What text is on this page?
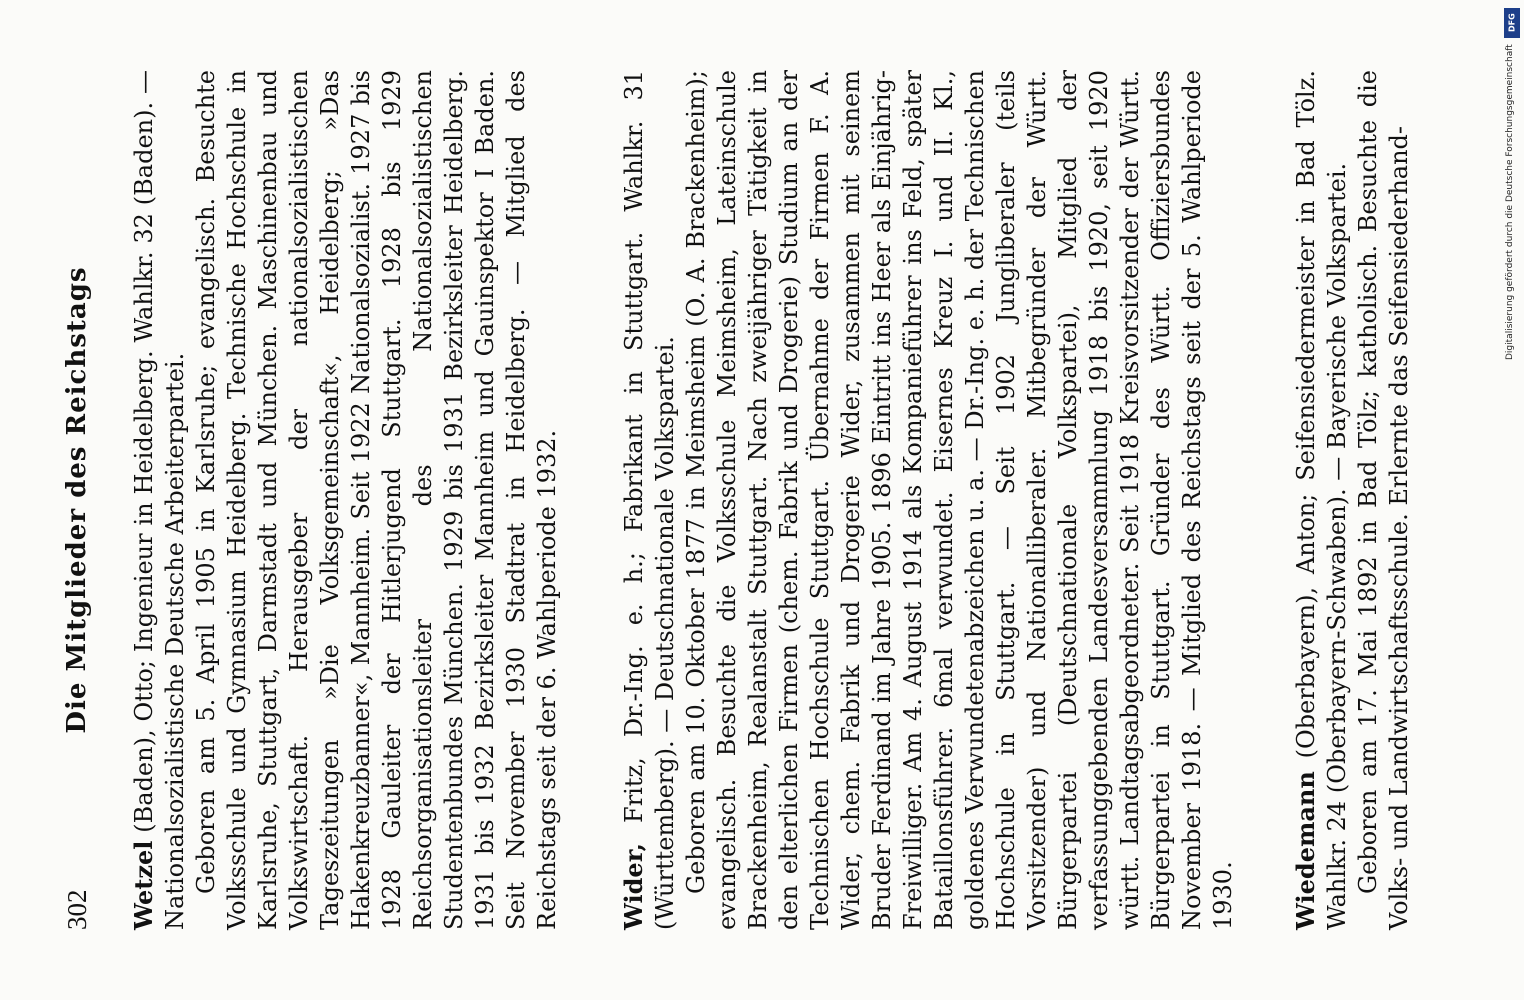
302
Die Mitglieder des Reichstags

Wetzel (Baden), Otto; Ingenieur in Heidelberg. Wahlkr. 32 (Baden). — Nationalsozialistische Deutsche Arbeiterpartei. Geboren am 5. April 1905 in Karlsruhe; evangelisch. Besuchte Volksschule und Gymnasium Heidelberg. Technische Hochschule in Karlsruhe, Stuttgart, Darmstadt und München. Maschinenbau und Volkswirtschaft. Herausgeber der nationalsozialistischen Tageszeitungen »Die Volksgemeinschaft«, Heidelberg; »Das Hakenkreuzbanner«, Mannheim. Seit 1922 Nationalsozialist. 1927 bis 1928 Gauleiter der Hitlerjugend Stuttgart. 1928 bis 1929 Reichsorganisationsleiter des Nationalsozialistischen Studentenbundes München. 1929 bis 1931 Bezirksleiter Heidelberg. 1931 bis 1932 Bezirksleiter Mannheim und Gauinspektor I Baden. Seit November 1930 Stadtrat in Heidelberg. — Mitglied des Reichstags seit der 6. Wahlperiode 1932. Wider, Fritz, Dr.-Ing. e. h.; Fabrikant in Stuttgart. Wahlkr. 31 (Württemberg). — Deutschnationale Volkspartei. Geboren am 10. Oktober 1877 in Meimsheim (O. A. Brackenheim); evangelisch. Besuchte die Volksschule Meimsheim, Lateinschule Brackenheim, Realanstalt Stuttgart. Nach zweijähriger Tätigkeit in den elterlichen Firmen (chem. Fabrik und Drogerie) Studium an der Technischen Hochschule Stuttgart. Übernahme der Firmen F. A. Wider, chem. Fabrik und Drogerie Wider, zusammen mit seinem Bruder Ferdinand im Jahre 1905. 1896 Eintritt ins Heer als Einjährig-Freiwilliger. Am 4. August 1914 als Kompanieführer ins Feld, später Bataillonsführer. 6mal verwundet. Eisernes Kreuz I. und II. Kl., goldenes Verwundetenabzeichen u. a. — Dr.-Ing. e. h. der Technischen Hochschule in Stuttgart. — Seit 1902 Jungliberaler (teils Vorsitzender) und Nationalliberaler. Mitbegründer der Württ. Bürgerpartei (Deutschnationale Volkspartei), Mitglied der verfassunggebenden Landesversammlung 1918 bis 1920, seit 1920 württ. Landtagsabgeordneter. Seit 1918 Kreisvorsitzender der Württ. Bürgerpartei in Stuttgart. Gründer des Württ. Offiziersbundes November 1918. — Mitglied des Reichstags seit der 5. Wahlperiode 1930. Wiedemann (Oberbayern), Anton; Seifensiedermeister in Bad Tölz. Wahlkr. 24 (Oberbayern-Schwaben). — Bayerische Volkspartei. Geboren am 17. Mai 1892 in Bad Tölz; katholisch. Besuchte die Volks- und Landwirtschaftsschule. Erlernte das Seifensiederhand-

DFG
Digitalisierung gefördert durch die Deutsche Forschungsgemeinschaft
